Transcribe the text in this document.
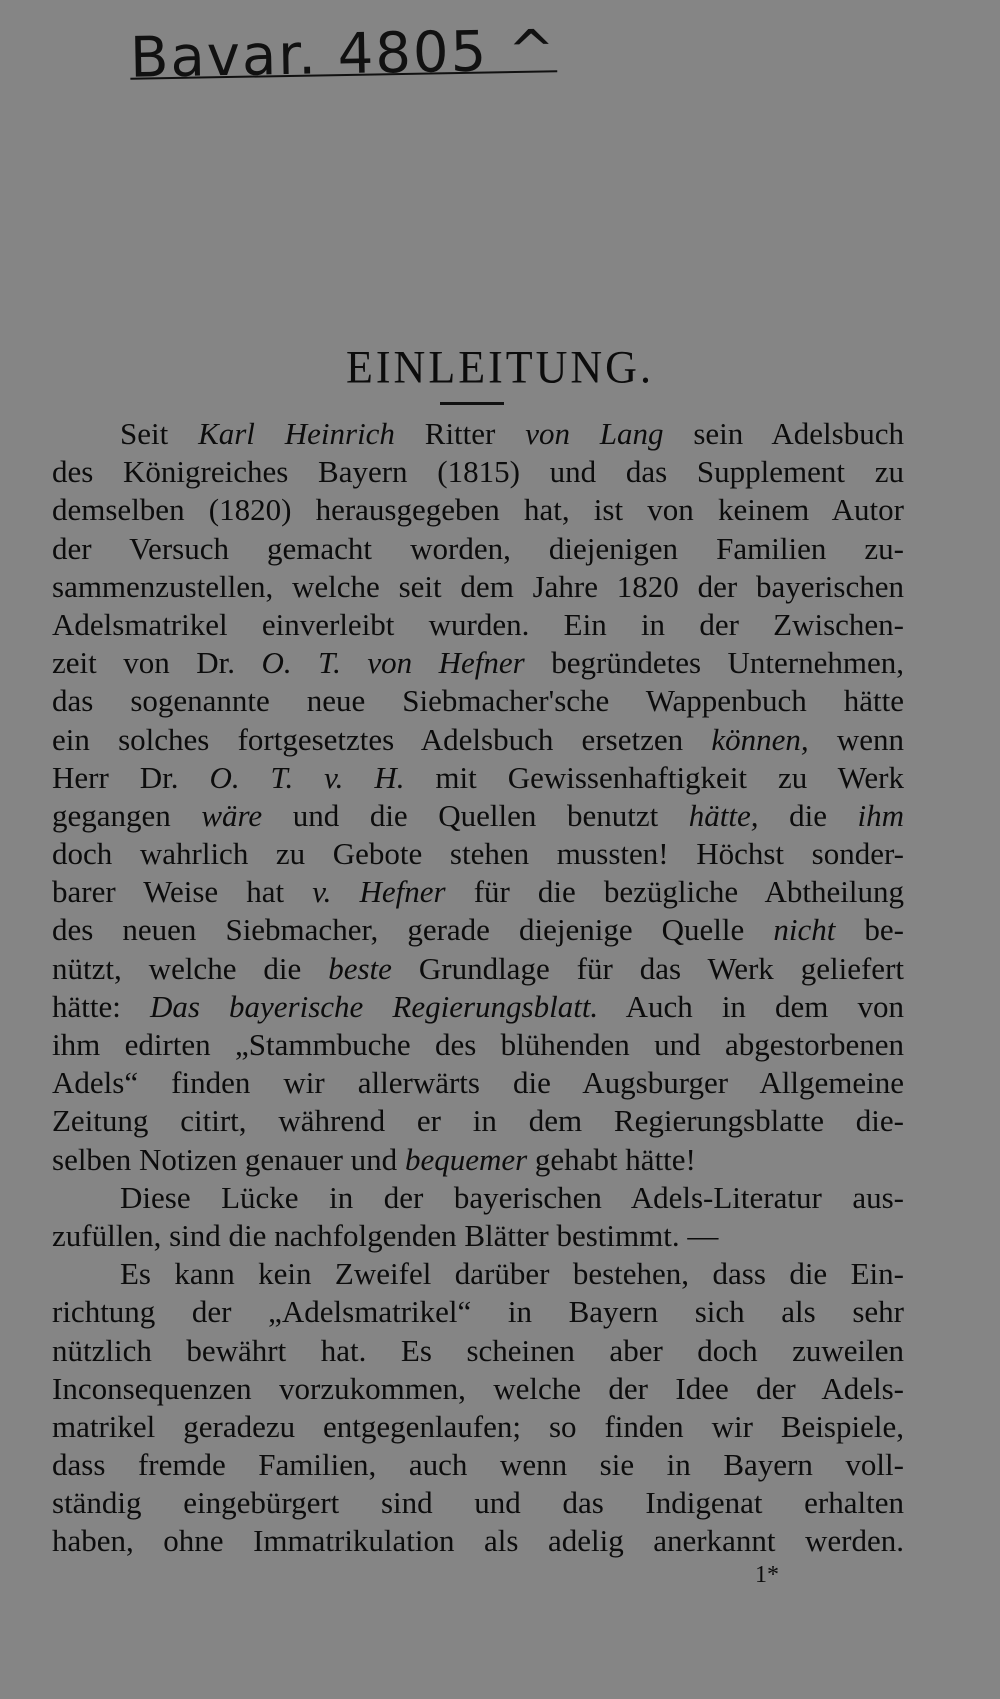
Bavar. 4805 ^
EINLEITUNG.
Seit Karl Heinrich Ritter von Lang sein Adelsbuch
des Königreiches Bayern (1815) und das Supplement zu
demselben (1820) herausgegeben hat, ist von keinem Autor
der Versuch gemacht worden, diejenigen Familien zu-
sammenzustellen, welche seit dem Jahre 1820 der bayerischen
Adelsmatrikel einverleibt wurden. Ein in der Zwischen-
zeit von Dr. O. T. von Hefner begründetes Unternehmen,
das sogenannte neue Siebmacher'sche Wappenbuch hätte
ein solches fortgesetztes Adelsbuch ersetzen können, wenn
Herr Dr. O. T. v. H. mit Gewissenhaftigkeit zu Werk
gegangen wäre und die Quellen benutzt hätte, die ihm
doch wahrlich zu Gebote stehen mussten! Höchst sonder-
barer Weise hat v. Hefner für die bezügliche Abtheilung
des neuen Siebmacher, gerade diejenige Quelle nicht be-
nützt, welche die beste Grundlage für das Werk geliefert
hätte: Das bayerische Regierungsblatt. Auch in dem von
ihm edirten „Stammbuche des blühenden und abgestorbenen
Adels“ finden wir allerwärts die Augsburger Allgemeine
Zeitung citirt, während er in dem Regierungsblatte die-
selben Notizen genauer und bequemer gehabt hätte!
Diese Lücke in der bayerischen Adels-Literatur aus-
zufüllen, sind die nachfolgenden Blätter bestimmt. —
Es kann kein Zweifel darüber bestehen, dass die Ein-
richtung der „Adelsmatrikel“ in Bayern sich als sehr
nützlich bewährt hat. Es scheinen aber doch zuweilen
Inconsequenzen vorzukommen, welche der Idee der Adels-
matrikel geradezu entgegenlaufen; so finden wir Beispiele,
dass fremde Familien, auch wenn sie in Bayern voll-
ständig eingebürgert sind und das Indigenat erhalten
haben, ohne Immatrikulation als adelig anerkannt werden.
1*
